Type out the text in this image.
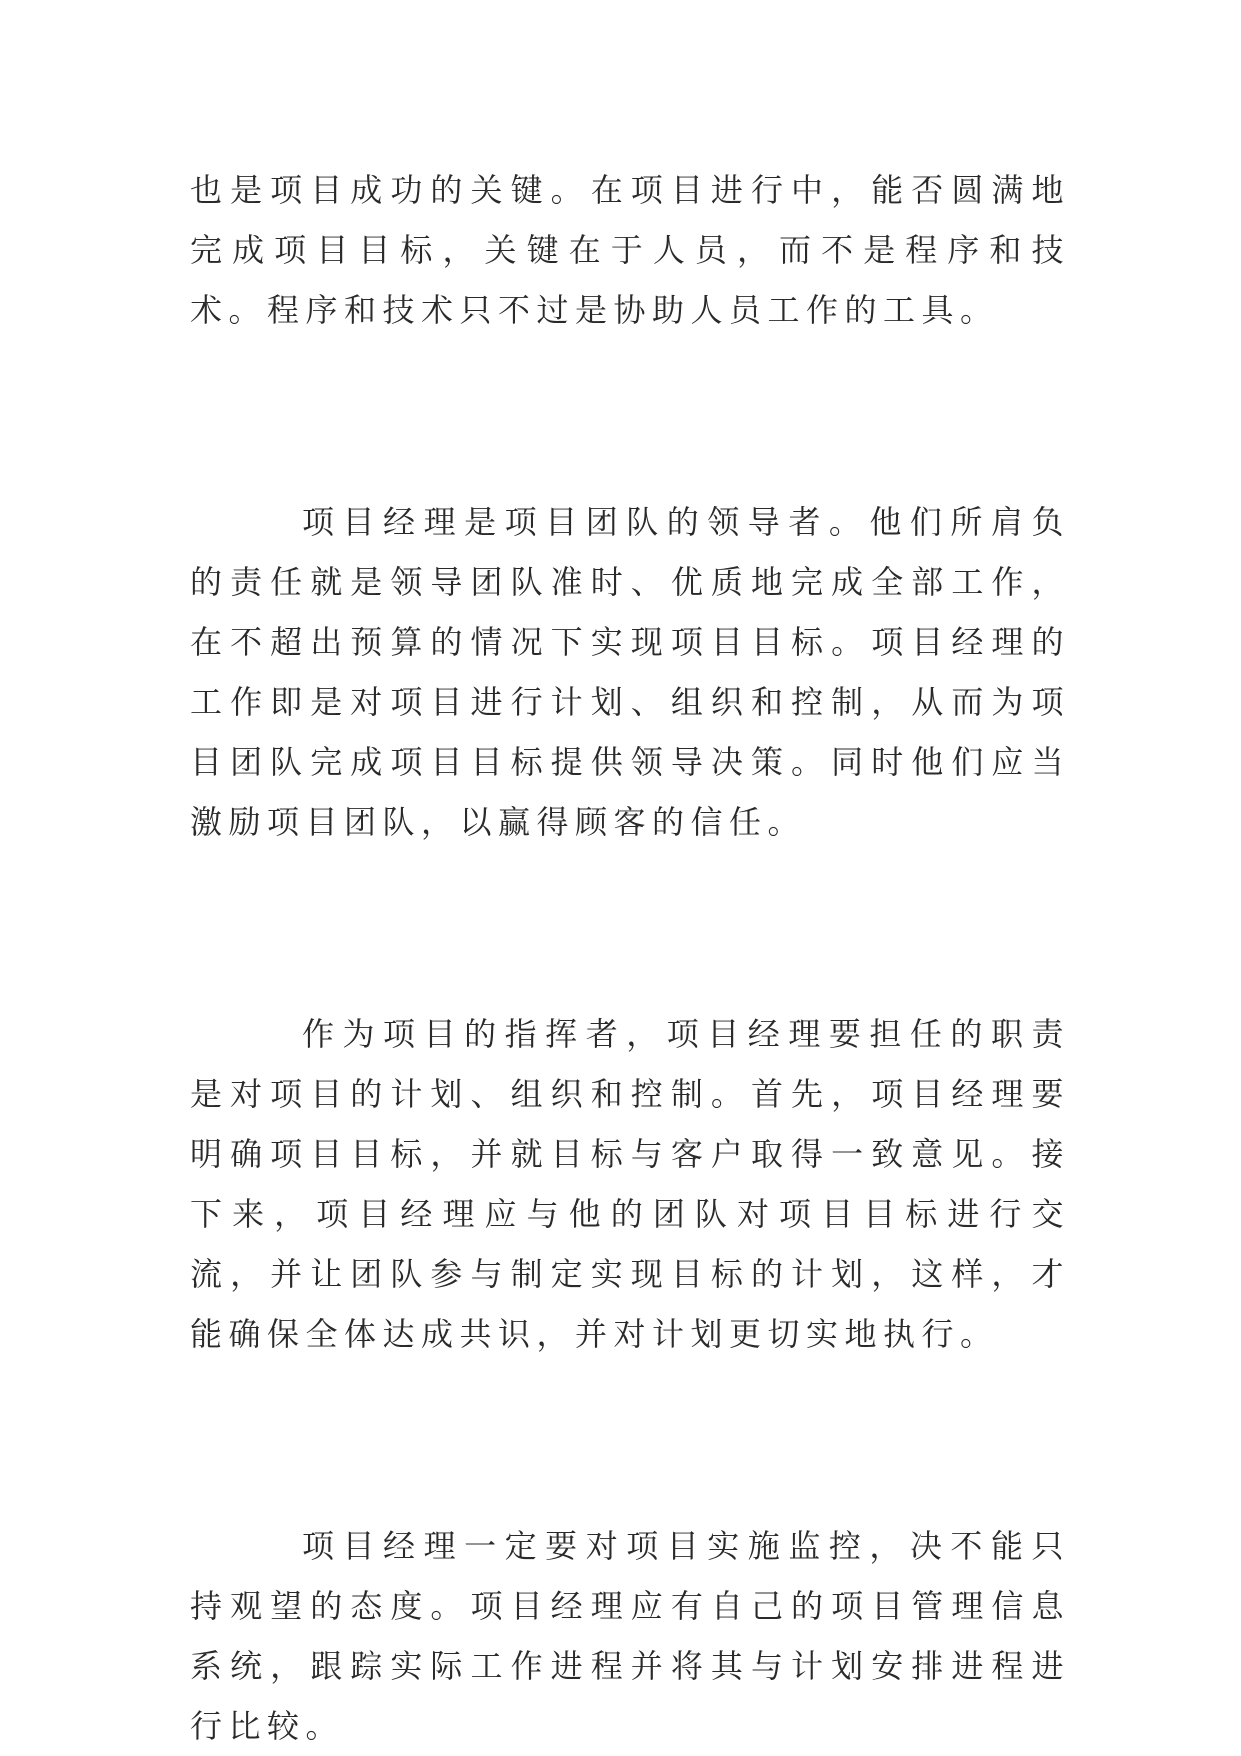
也是项目成功的关键。在项目进行中，能否圆满地完成项目目标，关键在于人员，而不是程序和技术。程序和技术只不过是协助人员工作的工具。

项目经理是项目团队的领导者。他们所肩负的责任就是领导团队准时、优质地完成全部工作，在不超出预算的情况下实现项目目标。项目经理的工作即是对项目进行计划、组织和控制，从而为项目团队完成项目目标提供领导决策。同时他们应当激励项目团队，以赢得顾客的信任。

作为项目的指挥者，项目经理要担任的职责是对项目的计划、组织和控制。首先，项目经理要明确项目目标，并就目标与客户取得一致意见。接下来，项目经理应与他的团队对项目目标进行交流，并让团队参与制定实现目标的计划，这样，才能确保全体达成共识，并对计划更切实地执行。

项目经理一定要对项目实施监控，决不能只持观望的态度。项目经理应有自己的项目管理信息系统，跟踪实际工作进程并将其与计划安排进程进行比较。
